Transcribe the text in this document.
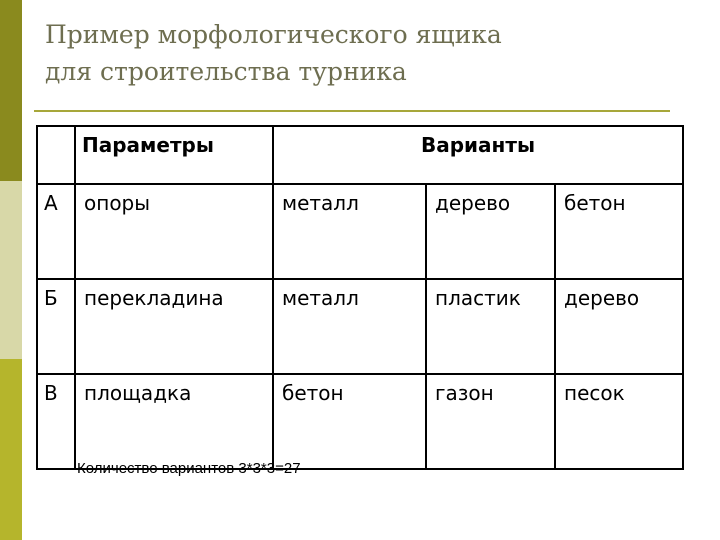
Пример морфологического ящика
для строительства турника
	Параметры	Варианты		
А	опоры	металл	дерево	бетон
Б	перекладина	металл	пластик	дерево
В	площадка	бетон	газон	песок
Количество вариантов 3*3*3=27
